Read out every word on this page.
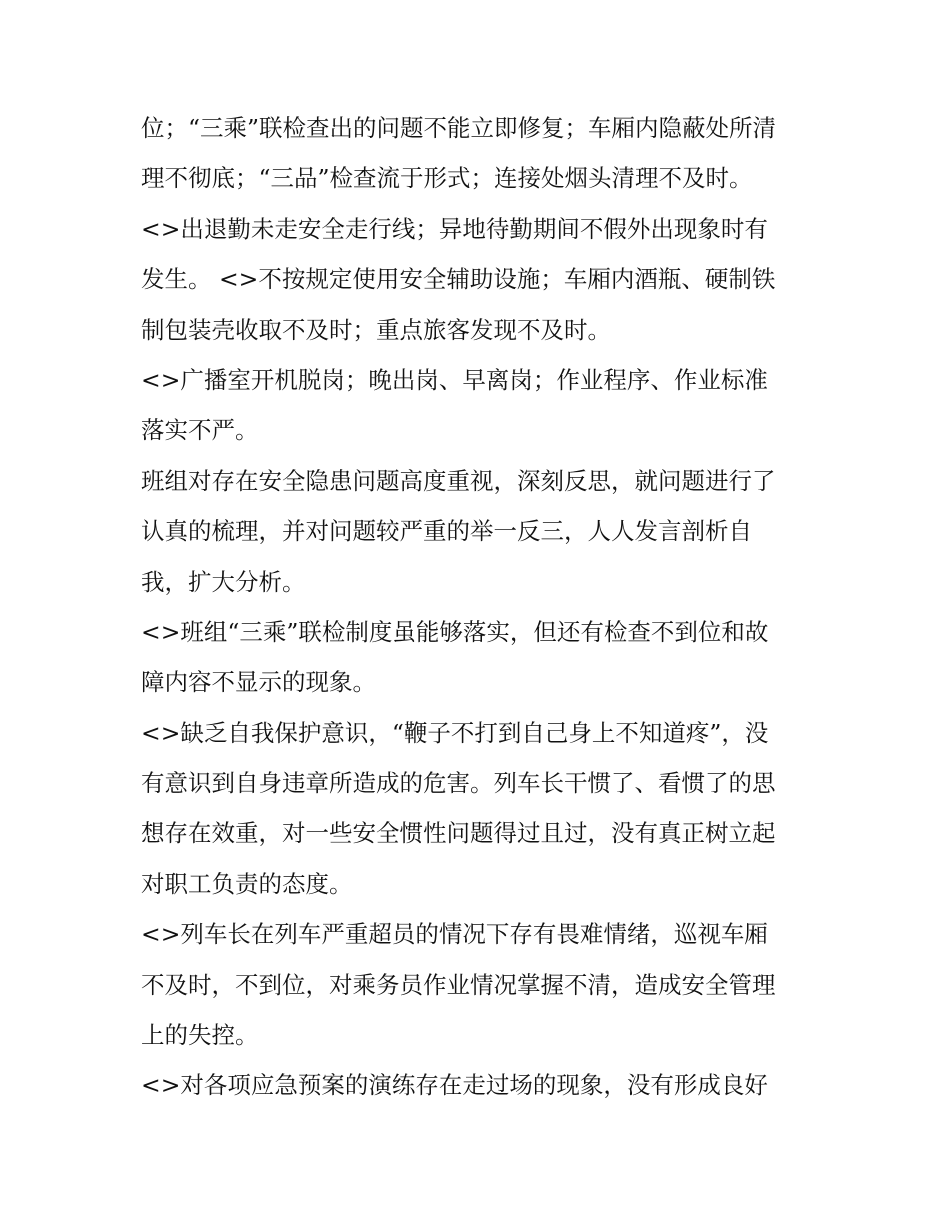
位；“三乘”联检查出的问题不能立即修复；车厢内隐蔽处所清
理不彻底；“三品”检查流于形式；连接处烟头清理不及时。
<>出退勤未走安全走行线；异地待勤期间不假外出现象时有
发生。 <>不按规定使用安全辅助设施；车厢内酒瓶、硬制铁
制包装壳收取不及时；重点旅客发现不及时。
<>广播室开机脱岗；晚出岗、早离岗；作业程序、作业标准
落实不严。
班组对存在安全隐患问题高度重视，深刻反思，就问题进行了
认真的梳理，并对问题较严重的举一反三，人人发言剖析自
我，扩大分析。
<>班组“三乘”联检制度虽能够落实，但还有检查不到位和故
障内容不显示的现象。
<>缺乏自我保护意识，“鞭子不打到自己身上不知道疼”，没
有意识到自身违章所造成的危害。列车长干惯了、看惯了的思
想存在效重，对一些安全惯性问题得过且过，没有真正树立起
对职工负责的态度。
<>列车长在列车严重超员的情况下存有畏难情绪，巡视车厢
不及时，不到位，对乘务员作业情况掌握不清，造成安全管理
上的失控。
<>对各项应急预案的演练存在走过场的现象，没有形成良好
